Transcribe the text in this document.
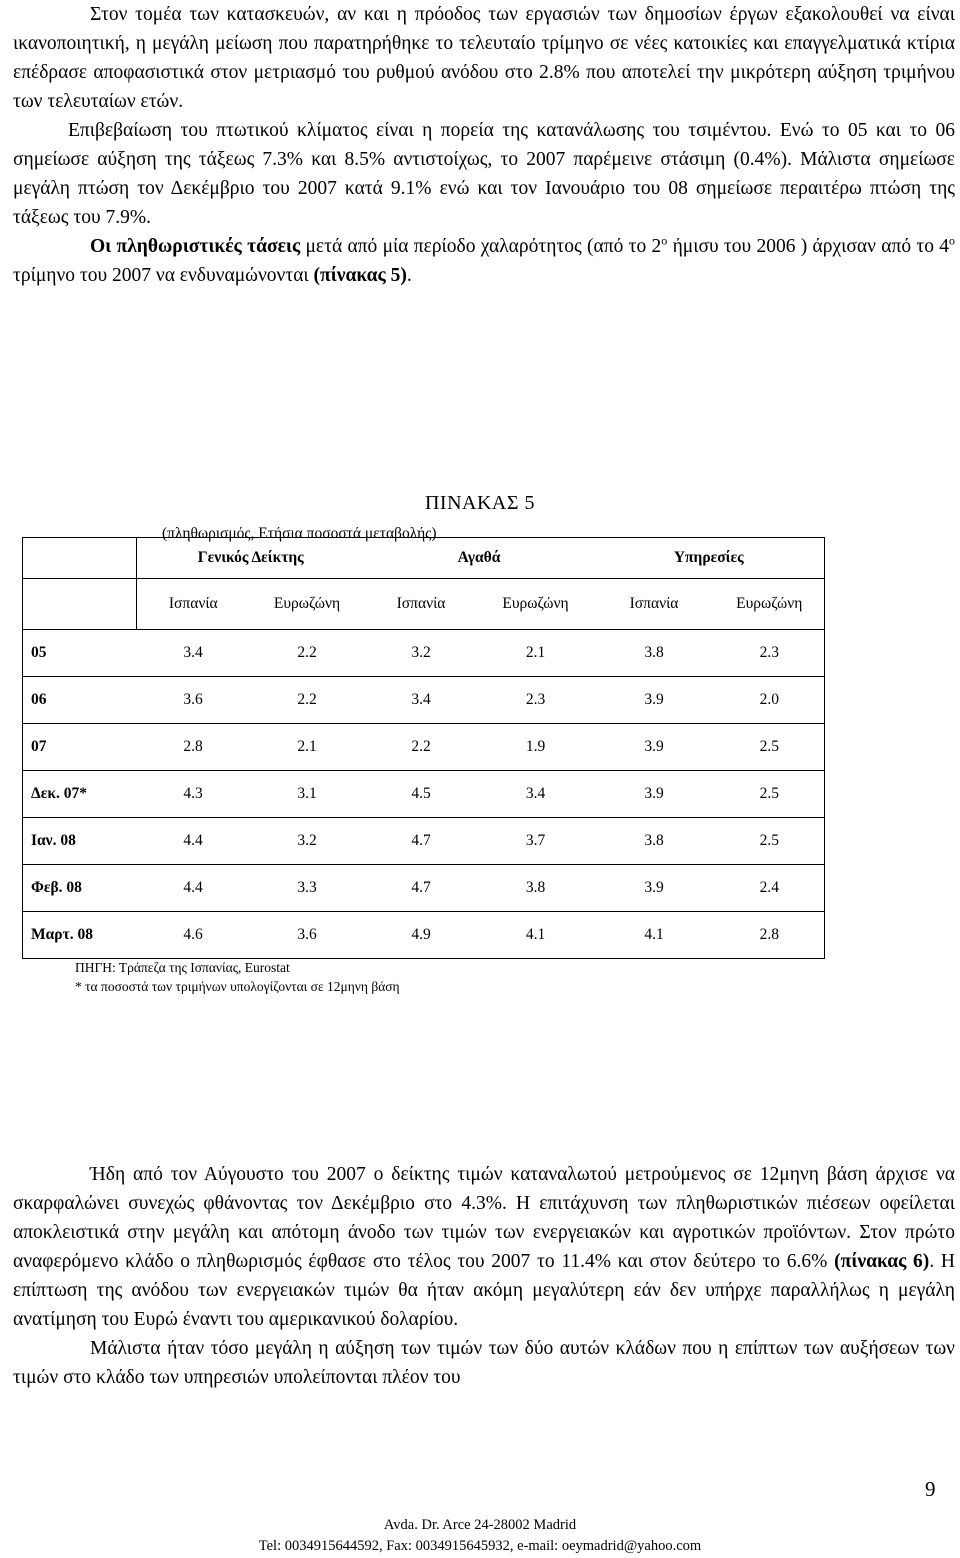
Στον τομέα των κατασκευών, αν και η πρόοδος των εργασιών των δημοσίων έργων εξακολουθεί να είναι ικανοποιητική, η μεγάλη μείωση που παρατηρήθηκε το τελευταίο τρίμηνο σε νέες κατοικίες και επαγγελματικά κτίρια επέδρασε αποφασιστικά στον μετριασμό του ρυθμού ανόδου στο 2.8% που αποτελεί την μικρότερη αύξηση τριμήνου των τελευταίων ετών.

Επιβεβαίωση του πτωτικού κλίματος είναι η πορεία της κατανάλωσης του τσιμέντου. Ενώ το 05 και το 06 σημείωσε αύξηση της τάξεως 7.3% και 8.5% αντιστοίχως, το 2007 παρέμεινε στάσιμη (0.4%). Μάλιστα σημείωσε μεγάλη πτώση τον Δεκέμβριο του 2007 κατά 9.1% ενώ και τον Ιανουάριο του 08 σημείωσε περαιτέρω πτώση της τάξεως του 7.9%.

Οι πληθωριστικές τάσεις μετά από μία περίοδο χαλαρότητος (από το $2^o$ ήμισυ του 2006 ) άρχισαν από το $4^o$ τρίμηνο του 2007 να ενδυναμώνονται (πίνακας 5).

ΠΙΝΑΚΑΣ 5
(πληθωρισμός, Ετήσια ποσοστά μεταβολής)
	Γενικός Δείκτης		Αγαθά		Υπηρεσίες	
	Ισπανία	Ευρωζώνη	Ισπανία	Ευρωζώνη	Ισπανία	Ευρωζώνη
05	3.4	2.2	3.2	2.1	3.8	2.3
06	3.6	2.2	3.4	2.3	3.9	2.0
07	2.8	2.1	2.2	1.9	3.9	2.5
Δεκ. 07*	4.3	3.1	4.5	3.4	3.9	2.5
Ιαν. 08	4.4	3.2	4.7	3.7	3.8	2.5
Φεβ. 08	4.4	3.3	4.7	3.8	3.9	2.4
Μαρτ. 08	4.6	3.6	4.9	4.1	4.1	2.8
ΠΗΓΗ: Τράπεζα της Ισπανίας, Eurostat
* τα ποσοστά των τριμήνων υπολογίζονται σε 12μηνη βάση

Ήδη από τον Αύγουστο του 2007 ο δείκτης τιμών καταναλωτού μετρούμενος σε 12μηνη βάση άρχισε να σκαρφαλώνει συνεχώς φθάνοντας τον Δεκέμβριο στο 4.3%. Η επιτάχυνση των πληθωριστικών πιέσεων οφείλεται αποκλειστικά στην μεγάλη και απότομη άνοδο των τιμών των ενεργειακών και αγροτικών προϊόντων. Στον πρώτο αναφερόμενο κλάδο ο πληθωρισμός έφθασε στο τέλος του 2007 το 11.4% και στον δεύτερο το 6.6% (πίνακας 6). Η επίπτωση της ανόδου των ενεργειακών τιμών θα ήταν ακόμη μεγαλύτερη εάν δεν υπήρχε παραλλήλως η μεγάλη ανατίμηση του Ευρώ έναντι του αμερικανικού δολαρίου.

Μάλιστα ήταν τόσο μεγάλη η αύξηση των τιμών των δύο αυτών κλάδων που η επίπτων των αυξήσεων των τιμών στο κλάδο των υπηρεσιών υπολείπονται πλέον του

9
Avda. Dr. Arce 24-28002 Madrid
Tel: 0034915644592, Fax: 0034915645932, e-mail: oeymadrid@yahoo.com
